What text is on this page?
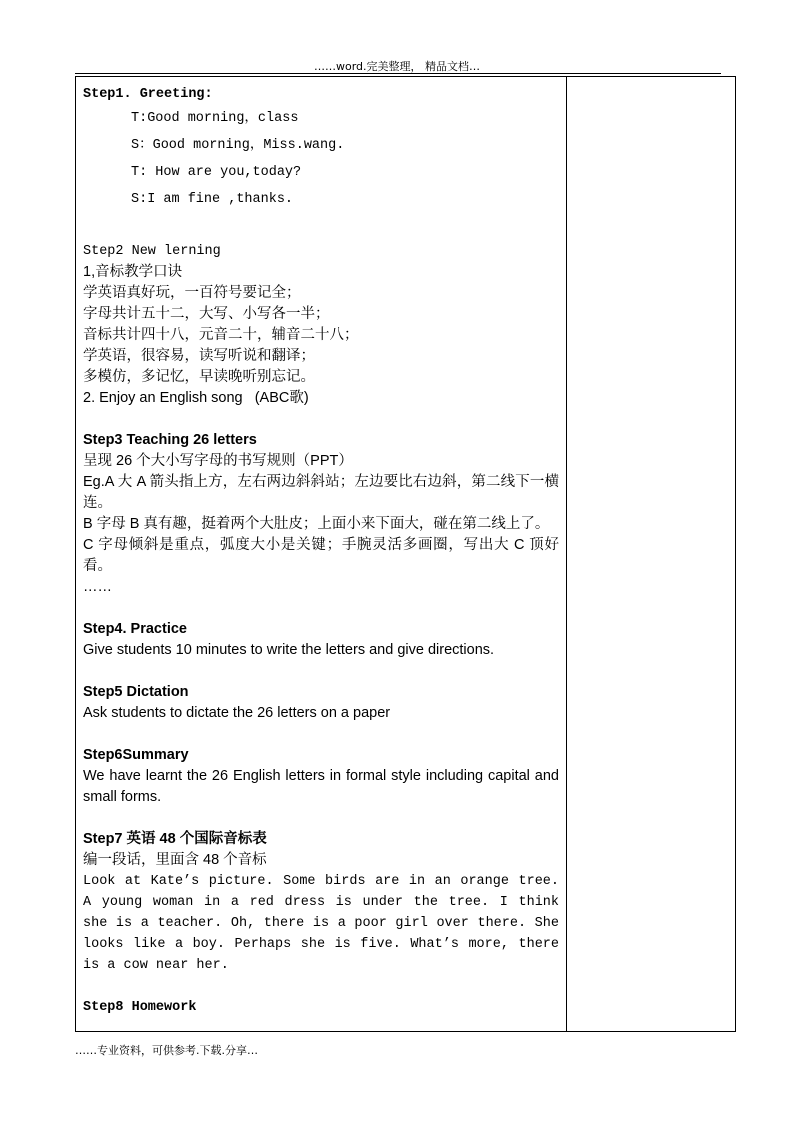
……word.完美整理， 精品文档…
Step1. Greeting:
T:Good morning，class
S：Good morning，Miss.wang.
T: How are you,today?
S:I am fine ,thanks.
Step2 New lerning
1,音标教学口诀
学英语真好玩，一百符号要记全；
字母共计五十二，大写、小写各一半；
音标共计四十八，元音二十，辅音二十八；
学英语，很容易，读写听说和翻译；
多模仿，多记忆，早读晚听别忘记。
2. Enjoy an English song   (ABC歌)
Step3 Teaching 26 letters
呈现 26 个大小写字母的书写规则（PPT）
Eg.A 大 A 箭头指上方，左右两边斜斜站；左边要比右边斜，第二线下一横连。
B 字母 B 真有趣，挺着两个大肚皮；上面小来下面大，碰在第二线上了。
C 字母倾斜是重点，弧度大小是关键；手腕灵活多画圈，写出大 C 顶好看。
……
Step4. Practice
Give students 10 minutes to write the letters and give directions.
Step5 Dictation
Ask students to dictate the 26 letters on a paper
Step6Summary
We have learnt the 26 English letters in formal style including capital and small forms.
Step7 英语 48 个国际音标表
编一段话，里面含 48 个音标
Look at Kate’s picture. Some birds are in an orange tree. A young woman in a red dress is under the tree. I think she is a teacher. Oh, there is a poor girl over there. She looks like a boy. Perhaps she is five. What’s more, there is a cow near her.
Step8 Homework
……专业资料，可供参考.下载.分享…
